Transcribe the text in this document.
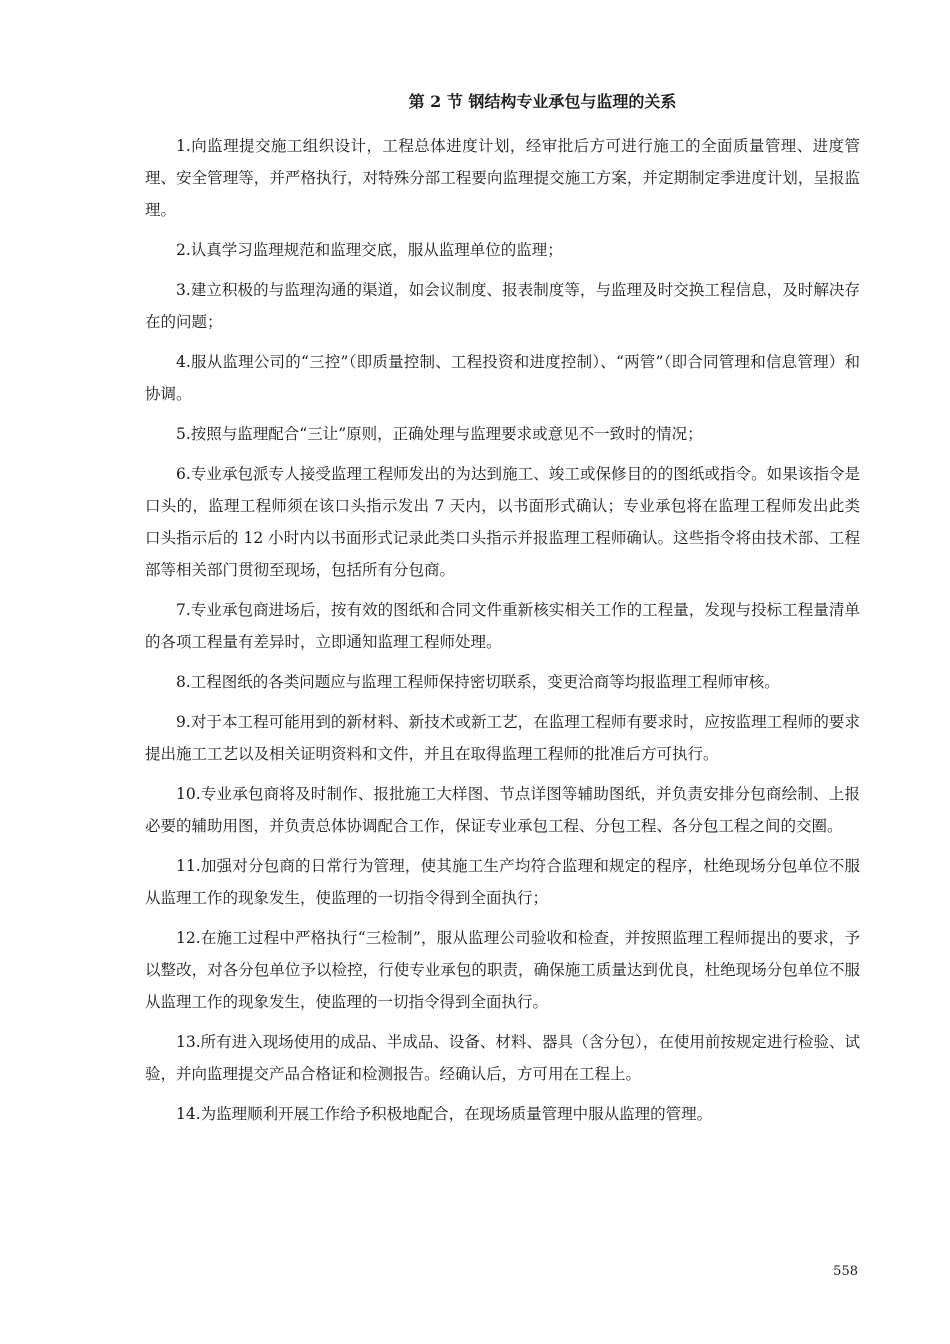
第 2 节 钢结构专业承包与监理的关系

1.向监理提交施工组织设计，工程总体进度计划，经审批后方可进行施工的全面质量管理、进度管理、安全管理等，并严格执行，对特殊分部工程要向监理提交施工方案，并定期制定季进度计划，呈报监理。

2.认真学习监理规范和监理交底，服从监理单位的监理；

3.建立积极的与监理沟通的渠道，如会议制度、报表制度等，与监理及时交换工程信息，及时解决存在的问题；

4.服从监理公司的“三控”（即质量控制、工程投资和进度控制）、“两管”（即合同管理和信息管理）和协调。

5.按照与监理配合“三让”原则，正确处理与监理要求或意见不一致时的情况；

6.专业承包派专人接受监理工程师发出的为达到施工、竣工或保修目的的图纸或指令。如果该指令是口头的，监理工程师须在该口头指示发出 7 天内，以书面形式确认；专业承包将在监理工程师发出此类口头指示后的 12 小时内以书面形式记录此类口头指示并报监理工程师确认。这些指令将由技术部、工程部等相关部门贯彻至现场，包括所有分包商。

7.专业承包商进场后，按有效的图纸和合同文件重新核实相关工作的工程量，发现与投标工程量清单的各项工程量有差异时，立即通知监理工程师处理。

8.工程图纸的各类问题应与监理工程师保持密切联系，变更洽商等均报监理工程师审核。

9.对于本工程可能用到的新材料、新技术或新工艺，在监理工程师有要求时，应按监理工程师的要求提出施工工艺以及相关证明资料和文件，并且在取得监理工程师的批准后方可执行。

10.专业承包商将及时制作、报批施工大样图、节点详图等辅助图纸，并负责安排分包商绘制、上报必要的辅助用图，并负责总体协调配合工作，保证专业承包工程、分包工程、各分包工程之间的交圈。

11.加强对分包商的日常行为管理，使其施工生产均符合监理和规定的程序，杜绝现场分包单位不服从监理工作的现象发生，使监理的一切指令得到全面执行；

12.在施工过程中严格执行“三检制”，服从监理公司验收和检查，并按照监理工程师提出的要求，予以整改，对各分包单位予以检控，行使专业承包的职责，确保施工质量达到优良，杜绝现场分包单位不服从监理工作的现象发生，使监理的一切指令得到全面执行。

13.所有进入现场使用的成品、半成品、设备、材料、器具（含分包），在使用前按规定进行检验、试验，并向监理提交产品合格证和检测报告。经确认后，方可用在工程上。

14.为监理顺利开展工作给予积极地配合，在现场质量管理中服从监理的管理。

558
